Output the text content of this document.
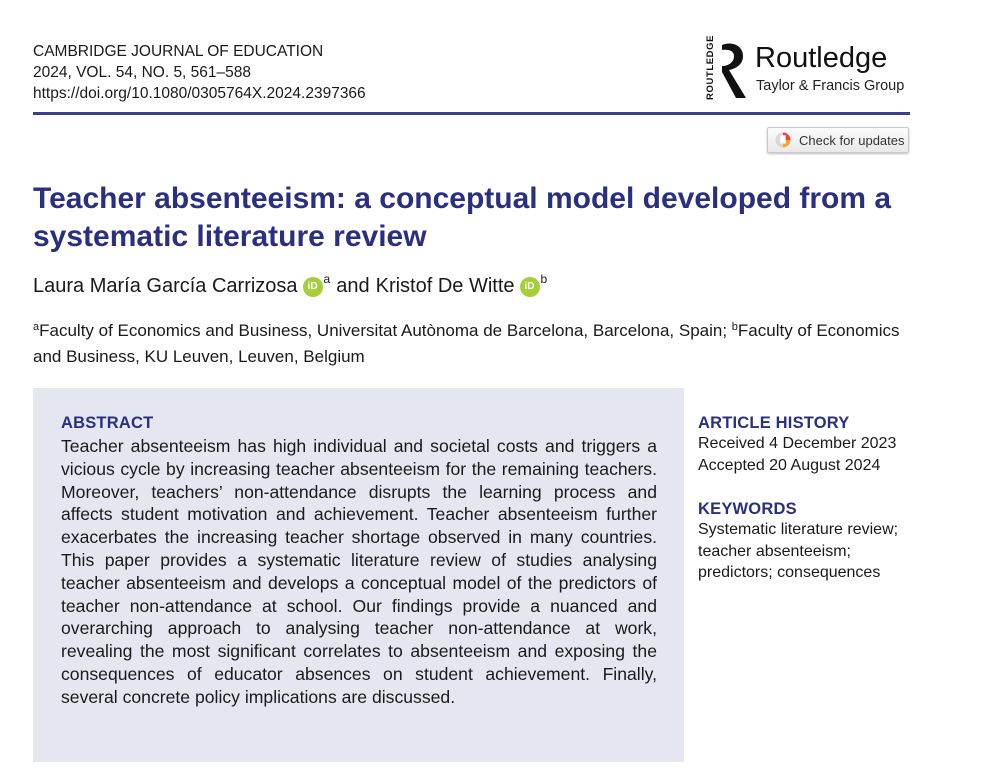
CAMBRIDGE JOURNAL OF EDUCATION
2024, VOL. 54, NO. 5, 561–588
https://doi.org/10.1080/0305764X.2024.2397366	ROUTLEDGE Routledge
Taylor & Francis Group
Check for updates
Teacher absenteeism: a conceptual model developed from a systematic literature review
Laura María García Carrizosa	iD
a and Kristof De Witte	iD
b
$^a$Faculty of Economics and Business, Universitat Autònoma de Barcelona, Barcelona, Spain; $^b$Faculty of Economics and Business, KU Leuven, Leuven, Belgium
ABSTRACT

Teacher absenteeism has high individual and societal costs and triggers a vicious cycle by increasing teacher absenteeism for the remaining teachers. Moreover, teachers’ non-attendance disrupts the learning process and affects student motivation and achievement. Teacher absenteeism further exacerbates the increasing teacher shortage observed in many countries. This paper provides a systematic literature review of studies analysing teacher absenteeism and develops a conceptual model of the predictors of teacher non-attendance at school. Our findings provide a nuanced and overarching approach to analysing teacher non-attendance at work, revealing the most significant correlates to absenteeism and exposing the consequences of educator absences on student achievement. Finally, several concrete policy implications are discussed.

ARTICLE HISTORY
Received 4 December 2023
Accepted 20 August 2024
KEYWORDS
Systematic literature review;
teacher absenteeism;
predictors; consequences
